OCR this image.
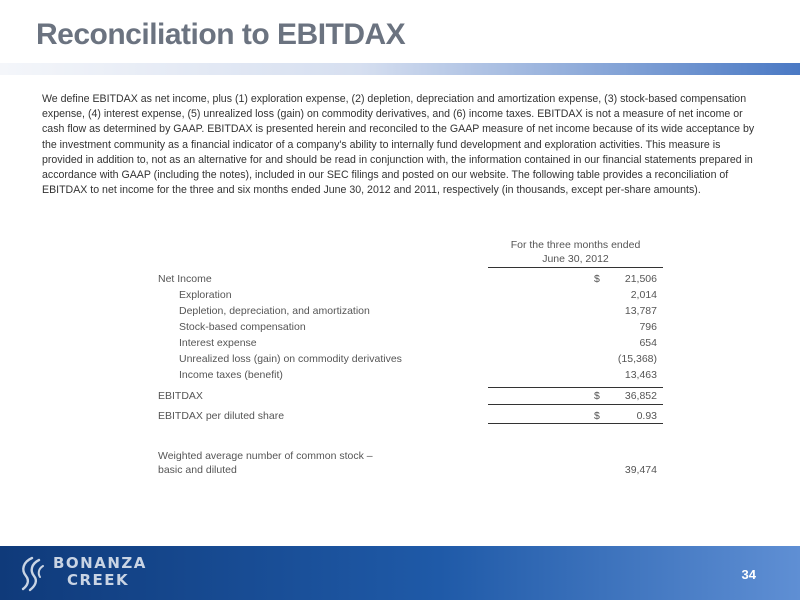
Reconciliation to EBITDAX

We define EBITDAX as net income, plus (1) exploration expense, (2) depletion, depreciation and amortization expense, (3) stock-based compensation expense, (4) interest expense, (5) unrealized loss (gain) on commodity derivatives, and (6) income taxes. EBITDAX is not a measure of net income or cash flow as determined by GAAP. EBITDAX is presented herein and reconciled to the GAAP measure of net income because of its wide acceptance by the investment community as a financial indicator of a company's ability to internally fund development and exploration activities. This measure is provided in addition to, not as an alternative for and should be read in conjunction with, the information contained in our financial statements prepared in accordance with GAAP (including the notes), included in our SEC filings and posted on our website. The following table provides a reconciliation of EBITDAX to net income for the three and six months ended June 30, 2012 and 2011, respectively (in thousands, except per-share amounts).

For the three months ended
June 30, 2012
Net Income	$ 21,506
Exploration	2,014
Depletion, depreciation, and amortization	13,787
Stock-based compensation	796
Interest expense	654
Unrealized loss (gain) on commodity derivatives	(15,368)
Income taxes (benefit)	13,463
EBITDAX	$ 36,852
EBITDAX per diluted share	$	0.93
Weighted average number of common stock –
basic and diluted	39,474
BONANZA
CREEK	34
